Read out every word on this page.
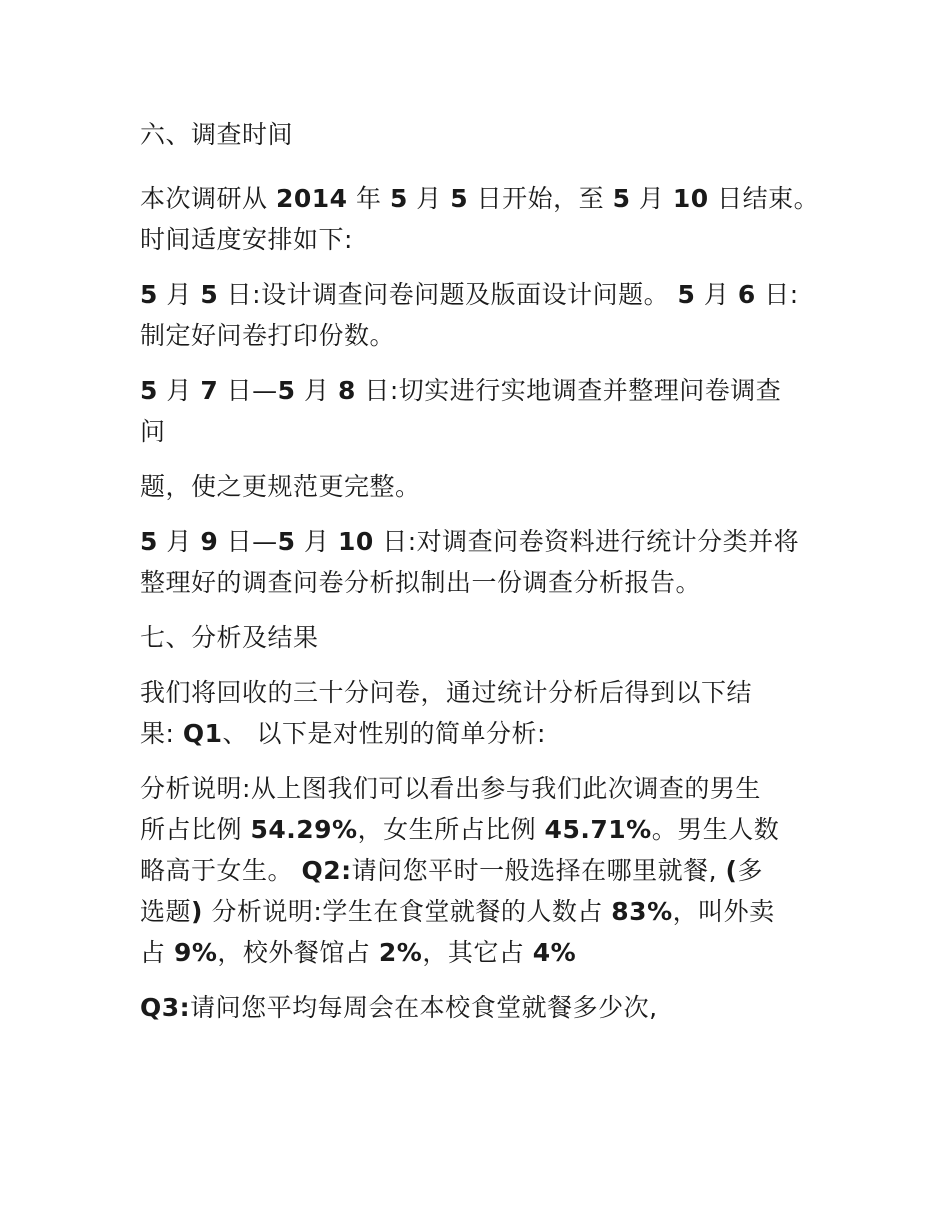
六、调查时间

本次调研从 2014 年 5 月 5 日开始，至 5 月 10 日结束。
时间适度安排如下:

5 月 5 日:设计调查问卷问题及版面设计问题。 5 月 6 日:
制定好问卷打印份数。

5 月 7 日—5 月 8 日:切实进行实地调查并整理问卷调查
问

题，使之更规范更完整。

5 月 9 日—5 月 10 日:对调查问卷资料进行统计分类并将
整理好的调查问卷分析拟制出一份调查分析报告。

七、分析及结果

我们将回收的三十分问卷，通过统计分析后得到以下结
果: Q1、 以下是对性别的简单分析:

分析说明:从上图我们可以看出参与我们此次调查的男生
所占比例 54.29%，女生所占比例 45.71%。男生人数
略高于女生。 Q2:请问您平时一般选择在哪里就餐, (多
选题) 分析说明:学生在食堂就餐的人数占 83%，叫外卖
占 9%，校外餐馆占 2%，其它占 4%

Q3:请问您平均每周会在本校食堂就餐多少次,
